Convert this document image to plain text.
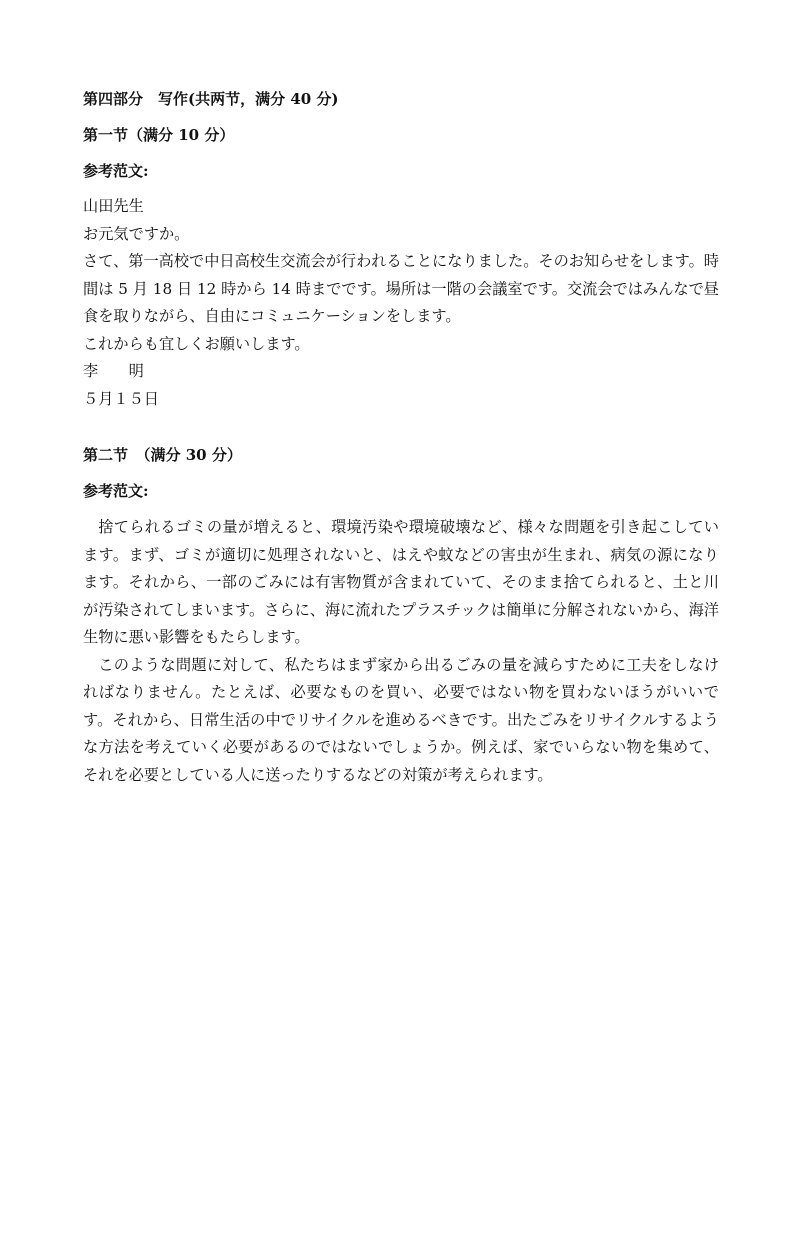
第四部分　写作(共两节，满分 40 分)

第一节（满分 10 分）

参考范文:

山田先生

お元気ですか。

さて、第一高校で中日高校生交流会が行われることになりました。そのお知らせをします。時間は 5 月 18 日 12 時から 14 時までです。場所は一階の会議室です。交流会ではみんなで昼食を取りながら、自由にコミュニケーションをします。

これからも宜しくお願いします。

李　　明

５月１５日

第二节　（满分 30 分）

参考范文:

捨てられるゴミの量が増えると、環境汚染や環境破壊など、様々な問題を引き起こしています。まず、ゴミが適切に処理されないと、はえや蚊などの害虫が生まれ、病気の源になります。それから、一部のごみには有害物質が含まれていて、そのまま捨てられると、土と川が汚染されてしまいます。さらに、海に流れたプラスチックは簡単に分解されないから、海洋生物に悪い影響をもたらします。

このような問題に対して、私たちはまず家から出るごみの量を減らすために工夫をしなければなりません。たとえば、必要なものを買い、必要ではない物を買わないほうがいいです。それから、日常生活の中でリサイクルを進めるべきです。出たごみをリサイクルするような方法を考えていく必要があるのではないでしょうか。例えば、家でいらない物を集めて、それを必要としている人に送ったりするなどの対策が考えられます。
